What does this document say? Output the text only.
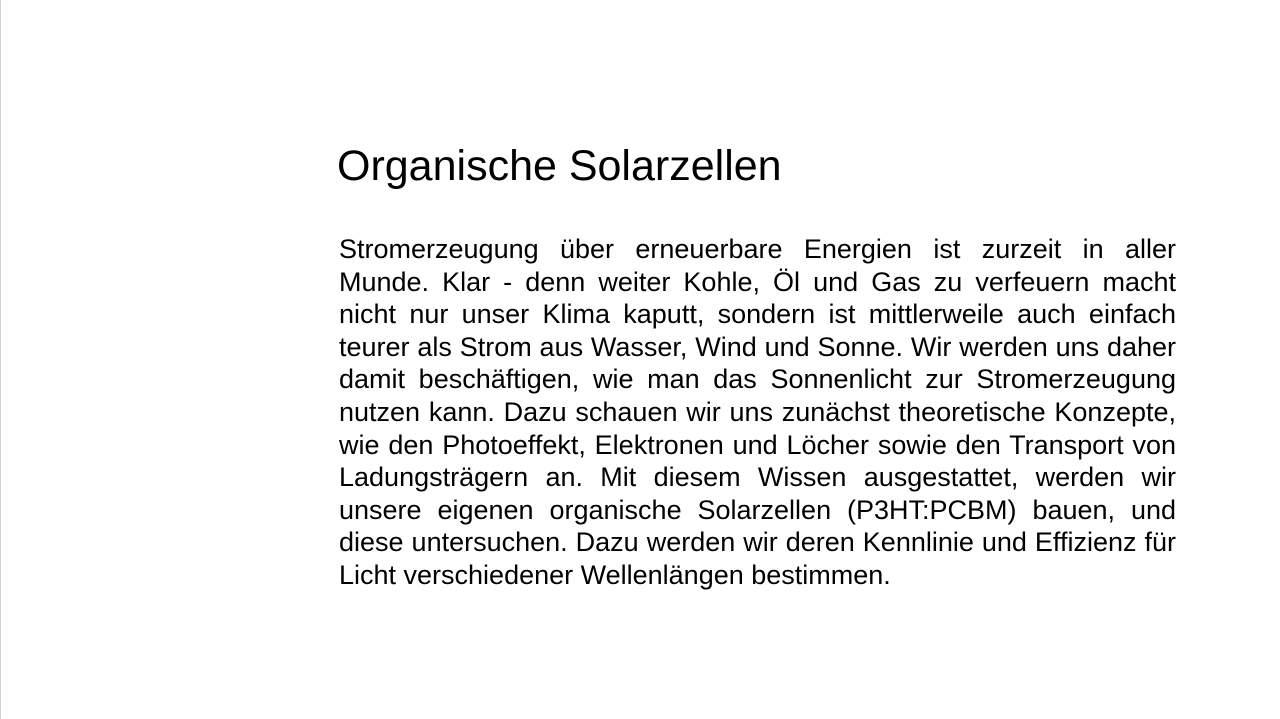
Organische Solarzellen

Stromerzeugung über erneuerbare Energien ist zurzeit in aller Munde. Klar - denn weiter Kohle, Öl und Gas zu verfeuern macht nicht nur unser Klima kaputt, sondern ist mittlerweile auch einfach teurer als Strom aus Wasser, Wind und Sonne. Wir werden uns daher damit beschäftigen, wie man das Sonnenlicht zur Stromerzeugung nutzen kann. Dazu schauen wir uns zunächst theoretische Konzepte, wie den Photoeffekt, Elektronen und Löcher sowie den Transport von Ladungsträgern an. Mit diesem Wissen ausgestattet, werden wir unsere eigenen organische Solarzellen (P3HT:PCBM) bauen, und diese untersuchen. Dazu werden wir deren Kennlinie und Effizienz für Licht verschiedener Wellenlängen bestimmen.
